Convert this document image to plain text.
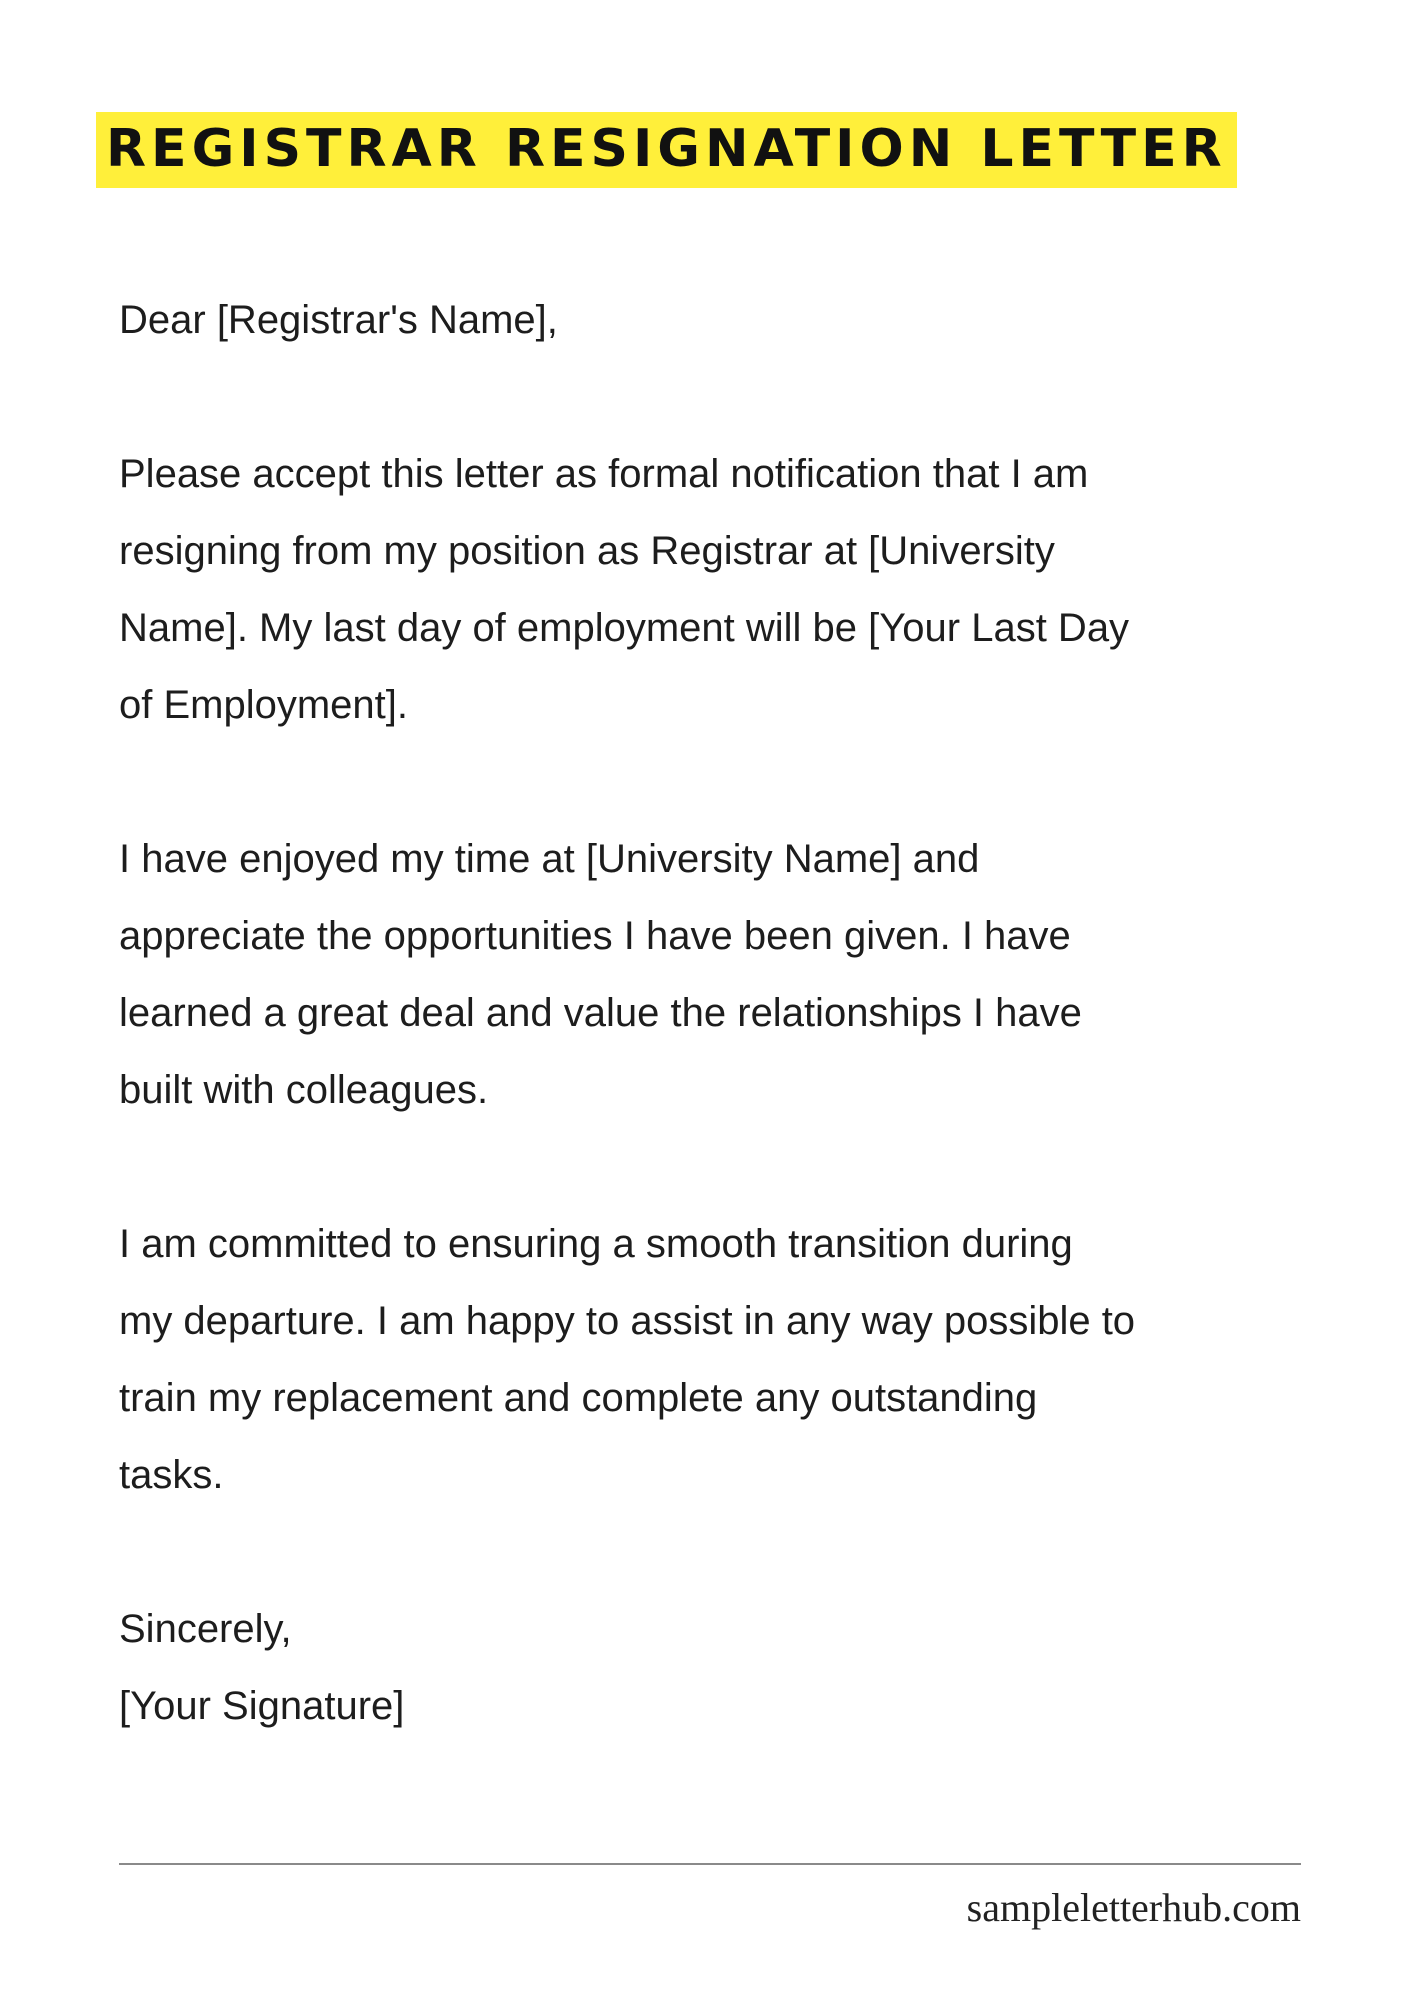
REGISTRAR RESIGNATION LETTER

Dear [Registrar's Name],

Please accept this letter as formal notification that I am
resigning from my position as Registrar at [University
Name]. My last day of employment will be [Your Last Day
of Employment].

I have enjoyed my time at [University Name] and
appreciate the opportunities I have been given. I have
learned a great deal and value the relationships I have
built with colleagues.

I am committed to ensuring a smooth transition during
my departure. I am happy to assist in any way possible to
train my replacement and complete any outstanding
tasks.

Sincerely,
[Your Signature]
sampleletterhub.com
